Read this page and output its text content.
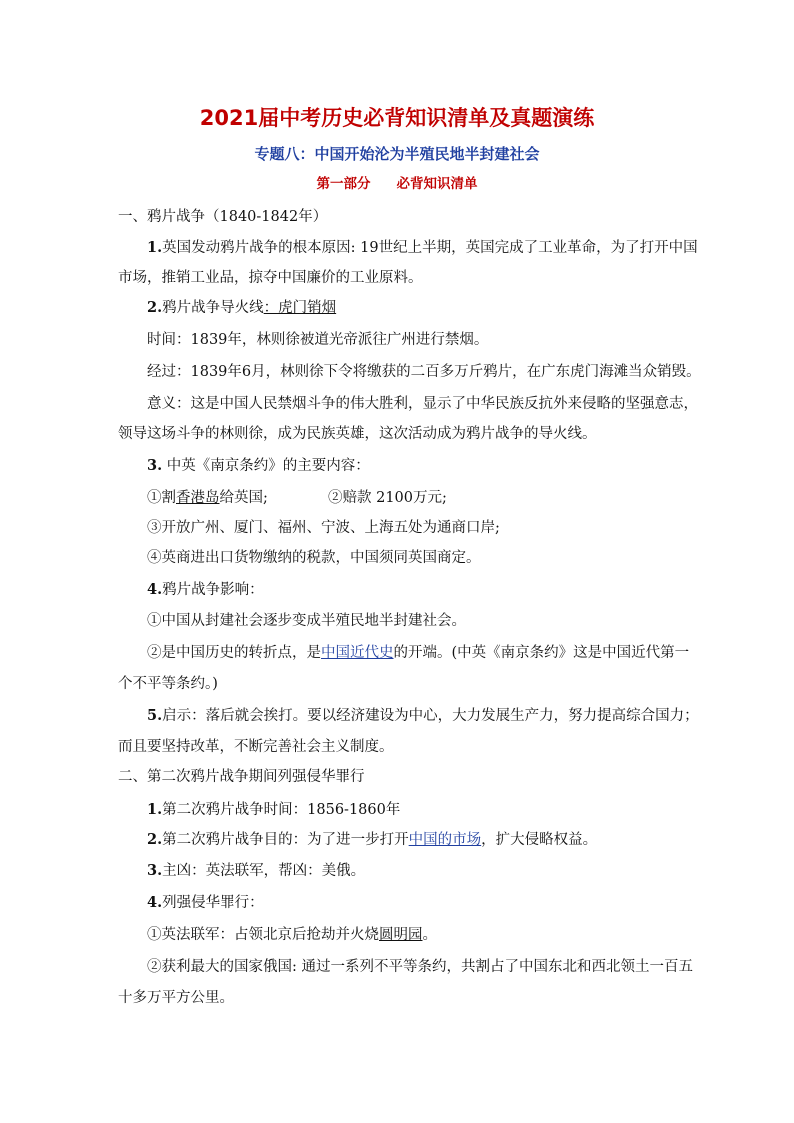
2021届中考历史必背知识清单及真题演练
专题八：中国开始沦为半殖民地半封建社会
第一部分 必背知识清单
一、鸦片战争（1840-1842年）
1.英国发动鸦片战争的根本原因: 19世纪上半期，英国完成了工业革命，为了打开中国
市场，推销工业品，掠夺中国廉价的工业原料。
2.鸦片战争导火线：虎门销烟
时间：1839年，林则徐被道光帝派往广州进行禁烟。
经过：1839年6月，林则徐下令将缴获的二百多万斤鸦片，在广东虎门海滩当众销毁。
意义：这是中国人民禁烟斗争的伟大胜利，显示了中华民族反抗外来侵略的坚强意志，
领导这场斗争的林则徐，成为民族英雄，这次活动成为鸦片战争的导火线。
3. 中英《南京条约》的主要内容：
①割香港岛给英国;	②赔款 2100万元;
③开放广州、厦门、福州、宁波、上海五处为通商口岸;
④英商进出口货物缴纳的税款，中国须同英国商定。
4.鸦片战争影响：
①中国从封建社会逐步变成半殖民地半封建社会。
②是中国历史的转折点，是中国近代史的开端。(中英《南京条约》这是中国近代第一
个不平等条约。)
5.启示：落后就会挨打。要以经济建设为中心，大力发展生产力，努力提高综合国力；
而且要坚持改革，不断完善社会主义制度。
二、第二次鸦片战争期间列强侵华罪行
1.第二次鸦片战争时间：1856-1860年
2.第二次鸦片战争目的：为了进一步打开中国的市场，扩大侵略权益。
3.主凶：英法联军，帮凶：美俄。
4.列强侵华罪行：
①英法联军：占领北京后抢劫并火烧圆明园。
②获利最大的国家俄国: 通过一系列不平等条约，共割占了中国东北和西北领土一百五
十多万平方公里。
